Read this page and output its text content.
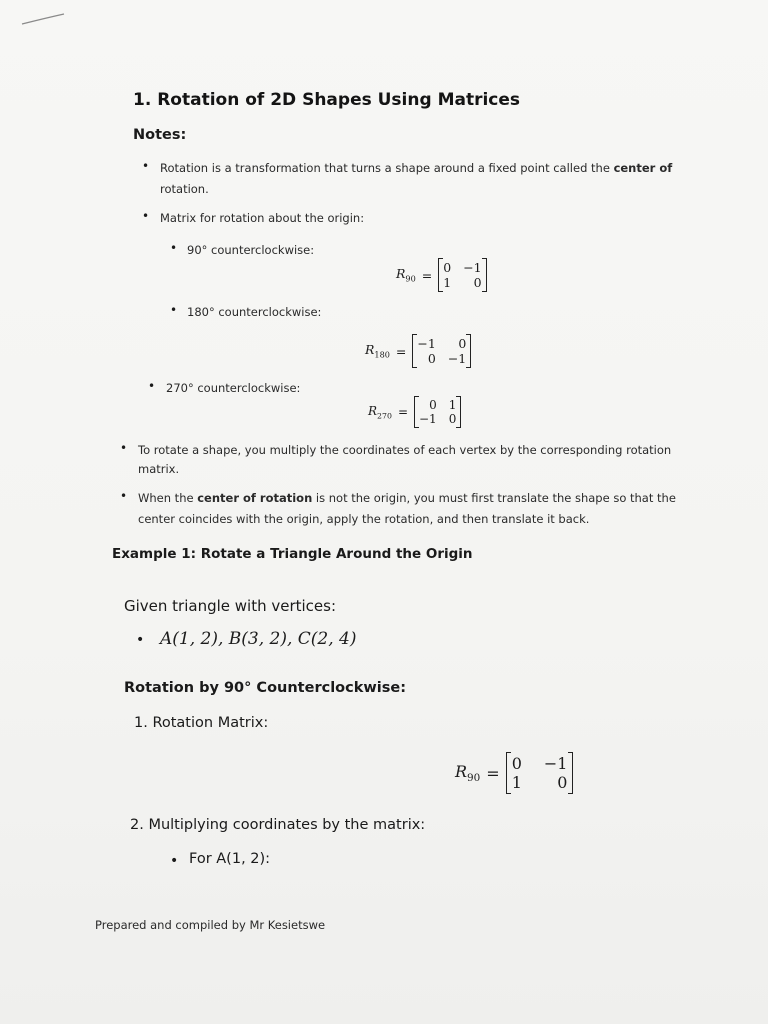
1. Rotation of 2D Shapes Using Matrices
Notes:
• Rotation is a transformation that turns a shape around a fixed point called the center of
rotation.
• Matrix for rotation about the origin:
• 90° counterclockwise:
$R_{90} = 0 -1$
1	0
• 180° counterclockwise:
$R_{180} = -1$	0
0 −1
• 270° counterclockwise:
$R_{270}$ =	0 1
−1 0
• To rotate a shape, you multiply the coordinates of each vertex by the corresponding rotation
matrix.
• When the center of rotation is not the origin, you must first translate the shape so that the
center coincides with the origin, apply the rotation, and then translate it back.
Example 1: Rotate a Triangle Around the Origin
Given triangle with vertices:
• A(1, 2), B(3, 2), C(2, 4)
Rotation by 90° Counterclockwise:
1. Rotation Matrix:
$R_{90} = 0 -1$
1	0
2. Multiplying coordinates by the matrix:
• For A(1, 2):
Prepared and compiled by Mr Kesietswe
